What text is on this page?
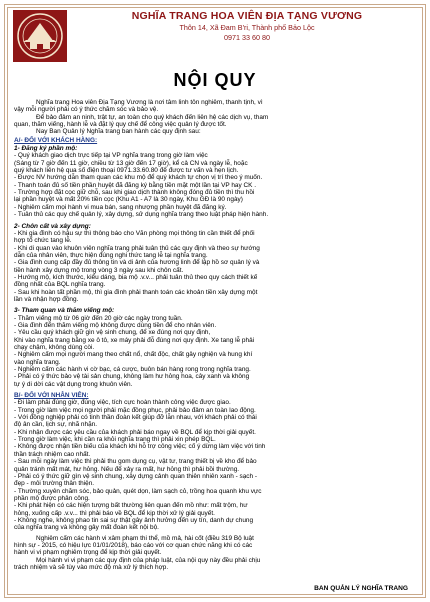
NGHĨA TRANG HOA VIÊN ĐỊA TẠNG VƯƠNG
Thôn 14, Xã Đam B'ri, Thành phố Bảo Lộc
0971 33 60 80
NỘI QUY

Nghĩa trang Hoa viên Địa Tạng Vương là nơi tâm linh tôn nghiêm, thanh tịnh, vì

vậy mỗi người phải có ý thức chăm sóc và bảo vệ.

Để bảo đảm an ninh, trật tự, an toàn cho quý khách đến liên hệ các dịch vụ, tham

quan, thăm viếng, hành lễ và đặt lý quy chế để công việc quản lý được tốt.

Nay Ban Quản lý Nghĩa trang ban hành các quy định sau:

A/- ĐỐI VỚI KHÁCH HÀNG:

1- Đăng ký phần mộ:

- Quý khách giao dịch trực tiếp tại VP nghĩa trang trong giờ làm việc

(Sáng từ 7 giờ đến 11 giờ, chiều từ 13 giờ đến 17 giờ), kể cả CN và ngày lễ, hoặc

quý khách liên hệ qua số điện thoại 0971.33.60.80 để được tư vấn và hẹn lịch.

- Được NV hướng dẫn tham quan các khu mộ để quý khách tự chọn vị trí theo ý muốn.

- Thanh toán đủ số tiền phần huyệt đã đăng ký bằng tiền mặt một lần tại VP hay CK .

- Trường hợp đặt cọc giữ chỗ, sau khi giao dịch thành không đóng đủ tiền thì thu hồi

lại phần huyệt và mất 20% tiền cọc (Khu A1 - A7 là 30 ngày, Khu GĐ là 90 ngày)

- Nghiêm cấm mọi hành vi mua bán, sang nhượng phần huyệt đã đăng ký.

- Tuân thủ các quy chế quản lý, xây dựng, sử dụng nghĩa trang theo luật pháp hiện hành.

2- Chôn cất và xây dựng:

- Khi gia đình có hậu sự thì thông báo cho Văn phòng mọi thông tin cần thiết để phối

hợp tổ chức tang lễ.

- Khi di quan vào khuôn viên nghĩa trang phải tuân thủ các quy định và theo sự hướng

dẫn của nhân viên, thực hiện đúng nghi thức tang lễ tại nghĩa trang.

- Gia đình cung cấp đầy đủ thông tin và di ảnh của hương linh để lập hồ sơ quản lý và

tiền hành xây dựng mộ trong vòng 3 ngày sau khi chôn cất.

- Hướng mộ, kích thước, kiểu dáng, bia mộ .v.v... phải tuân thủ theo quy cách thiết kế

đồng nhất của BQL nghĩa trang.

- Sau khi hoàn tất phần mộ, thì gia đình phải thanh toán các khoản tiền xây dựng một

lần và nhận hợp đồng.

3- Tham quan và thăm viếng mộ:

- Thăm viếng mộ từ 06 giờ đến 20 giờ các ngày trong tuần.

- Gia đình đến thăm viếng mộ không được dùng tiền để cho nhân viên.

- Yêu cầu quý khách giữ gìn vệ sinh chung, để xe đúng nơi quy định,

Khi vào nghĩa trang bằng xe ô tô, xe máy phải đỗ đúng nơi quy định. Xe tang lễ phải

chạy chậm, không dùng còi.

- Nghiêm cấm mọi người mang theo chất nổ, chất độc, chất gây nghiện và hung khí

vào nghĩa trang.

- Nghiêm cấm các hành vi cờ bạc, cá cược, buôn bán hàng rong trong nghĩa trang.

- Phải có ý thức bảo vệ tài sản chung, không làm hư hỏng hoa, cây xanh và không

tự ý di dời các vật dụng trong khuôn viên.

B/- ĐỐI VỚI NHÂN VIÊN:

- Đi làm phải đúng giờ, đúng việc, tích cực hoàn thành công việc được giao.

- Trong giờ làm việc mọi người phải mặc đồng phục, phải bảo đảm an toàn lao động.

- Với đồng nghiệp phải có tinh thần đoàn kết giúp đỡ lẫn nhau, với khách phải có thái

độ ân cần, lịch sự, nhã nhặn.

- Khi nhận được các yêu cầu của khách phải báo ngay về BQL để kịp thời giải quyết.

- Trong giờ làm việc, khi cần ra khỏi nghĩa trang thì phải xin phép BQL.

- Không được nhận tiền biếu của khách khi hỗ trợ công việc; cố ý dừng làm việc với tinh

thần trách nhiệm cao nhất.

- Sau mỗi ngày làm việc thì phải thu gom dụng cụ, vật tư, trang thiết bị về kho để bảo

quản tránh mất mát, hư hỏng. Nếu để xảy ra mất, hư hỏng thì phải bồi thường.

- Phải có ý thức giữ gìn vệ sinh chung, xây dựng cảnh quan thiên nhiên xanh - sạch -

đẹp - môi trường thân thiện.

- Thường xuyên chăm sóc, bảo quản, quét dọn, làm sạch cỏ, trồng hoa quanh khu vực

phần mộ được phân công.

- Khi phát hiện có các hiện tượng bất thường liên quan đến mồ như: mất trộm, hư

hỏng, xuống cấp .v.v... thì phải báo về BQL để kịp thời xử lý giải quyết.

- Không nghe, không phao tin sai sự thật gây ảnh hưởng đến uy tín, danh dự chung

của nghĩa trang và không gây mất đoàn kết nội bộ.

Nghiêm cấm các hành vi xâm phạm thi thể, mồ mả, hài cốt (điều 319 Bộ luật

hình sự - 2015, có hiệu lực 01/01/2018), báo cáo với cơ quan chức năng khi có các

hành vi vi phạm nghiêm trọng để kịp thời giải quyết.

Mọi hành vi vi phạm các quy định của pháp luật, của nội quy này đều phải chịu

trách nhiệm và sẽ tùy vào mức độ mà xử lý thích hợp.

BAN QUẢN LÝ NGHĨA TRANG
